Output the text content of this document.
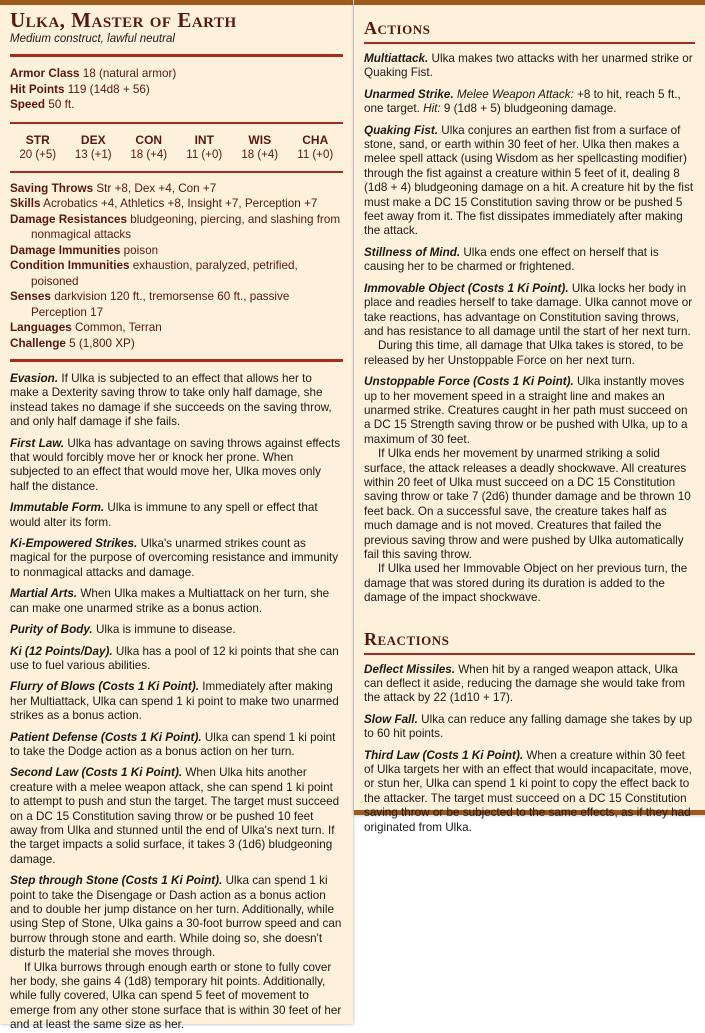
Ulka, Master of Earth
Medium construct, lawful neutral
Armor Class 18 (natural armor)
Hit Points 119 (14d8 + 56)
Speed 50 ft.
STR
20 (+5)
DEX
13 (+1)
CON
18 (+4)
INT
11 (+0)
WIS
18 (+4)
CHA
11 (+0)
Saving Throws Str +8, Dex +4, Con +7
Skills Acrobatics +4, Athletics +8, Insight +7, Perception +7
Damage Resistances bludgeoning, piercing, and slashing from nonmagical attacks
Damage Immunities poison
Condition Immunities exhaustion, paralyzed, petrified, poisoned
Senses darkvision 120 ft., tremorsense 60 ft., passive Perception 17
Languages Common, Terran
Challenge 5 (1,800 XP)

Evasion. If Ulka is subjected to an effect that allows her to make a Dexterity saving throw to take only half damage, she instead takes no damage if she succeeds on the saving throw, and only half damage if she fails.

First Law. Ulka has advantage on saving throws against effects that would forcibly move her or knock her prone. When subjected to an effect that would move her, Ulka moves only half the distance.

Immutable Form. Ulka is immune to any spell or effect that would alter its form.

Ki-Empowered Strikes. Ulka's unarmed strikes count as magical for the purpose of overcoming resistance and immunity to nonmagical attacks and damage.

Martial Arts. When Ulka makes a Multiattack on her turn, she can make one unarmed strike as a bonus action.

Purity of Body. Ulka is immune to disease.

Ki (12 Points/Day). Ulka has a pool of 12 ki points that she can use to fuel various abilities.

Flurry of Blows (Costs 1 Ki Point). Immediately after making her Multiattack, Ulka can spend 1 ki point to make two unarmed strikes as a bonus action.

Patient Defense (Costs 1 Ki Point). Ulka can spend 1 ki point to take the Dodge action as a bonus action on her turn.

Second Law (Costs 1 Ki Point). When Ulka hits another creature with a melee weapon attack, she can spend 1 ki point to attempt to push and stun the target. The target must succeed on a DC 15 Constitution saving throw or be pushed 10 feet away from Ulka and stunned until the end of Ulka's next turn. If the target impacts a solid surface, it takes 3 (1d6) bludgeoning damage.

Step through Stone (Costs 1 Ki Point). Ulka can spend 1 ki point to take the Disengage or Dash action as a bonus action and to double her jump distance on her turn. Additionally, while using Step of Stone, Ulka gains a 30-foot burrow speed and can burrow through stone and earth. While doing so, she doesn't disturb the material she moves through.

If Ulka burrows through enough earth or stone to fully cover her body, she gains 4 (1d8) temporary hit points. Additionally, while fully covered, Ulka can spend 5 feet of movement to emerge from any other stone surface that is within 30 feet of her and at least the same size as her.

Actions

Multiattack. Ulka makes two attacks with her unarmed strike or Quaking Fist.

Unarmed Strike. Melee Weapon Attack: +8 to hit, reach 5 ft., one target. Hit: 9 (1d8 + 5) bludgeoning damage.

Quaking Fist. Ulka conjures an earthen fist from a surface of stone, sand, or earth within 30 feet of her. Ulka then makes a melee spell attack (using Wisdom as her spellcasting modifier) through the fist against a creature within 5 feet of it, dealing 8 (1d8 + 4) bludgeoning damage on a hit. A creature hit by the fist must make a DC 15 Constitution saving throw or be pushed 5 feet away from it. The fist dissipates immediately after making the attack.

Stillness of Mind. Ulka ends one effect on herself that is causing her to be charmed or frightened.

Immovable Object (Costs 1 Ki Point). Ulka locks her body in place and readies herself to take damage. Ulka cannot move or take reactions, has advantage on Constitution saving throws, and has resistance to all damage until the start of her next turn.

During this time, all damage that Ulka takes is stored, to be released by her Unstoppable Force on her next turn.

Unstoppable Force (Costs 1 Ki Point). Ulka instantly moves up to her movement speed in a straight line and makes an unarmed strike. Creatures caught in her path must succeed on a DC 15 Strength saving throw or be pushed with Ulka, up to a maximum of 30 feet.

If Ulka ends her movement by unarmed striking a solid surface, the attack releases a deadly shockwave. All creatures within 20 feet of Ulka must succeed on a DC 15 Constitution saving throw or take 7 (2d6) thunder damage and be thrown 10 feet back. On a successful save, the creature takes half as much damage and is not moved. Creatures that failed the previous saving throw and were pushed by Ulka automatically fail this saving throw.

If Ulka used her Immovable Object on her previous turn, the damage that was stored during its duration is added to the damage of the impact shockwave.

Reactions

Deflect Missiles. When hit by a ranged weapon attack, Ulka can deflect it aside, reducing the damage she would take from the attack by 22 (1d10 + 17).

Slow Fall. Ulka can reduce any falling damage she takes by up to 60 hit points.

Third Law (Costs 1 Ki Point). When a creature within 30 feet of Ulka targets her with an effect that would incapacitate, move, or stun her, Ulka can spend 1 ki point to copy the effect back to the attacker. The target must succeed on a DC 15 Constitution saving throw or be subjected to the same effects, as if they had originated from Ulka.
